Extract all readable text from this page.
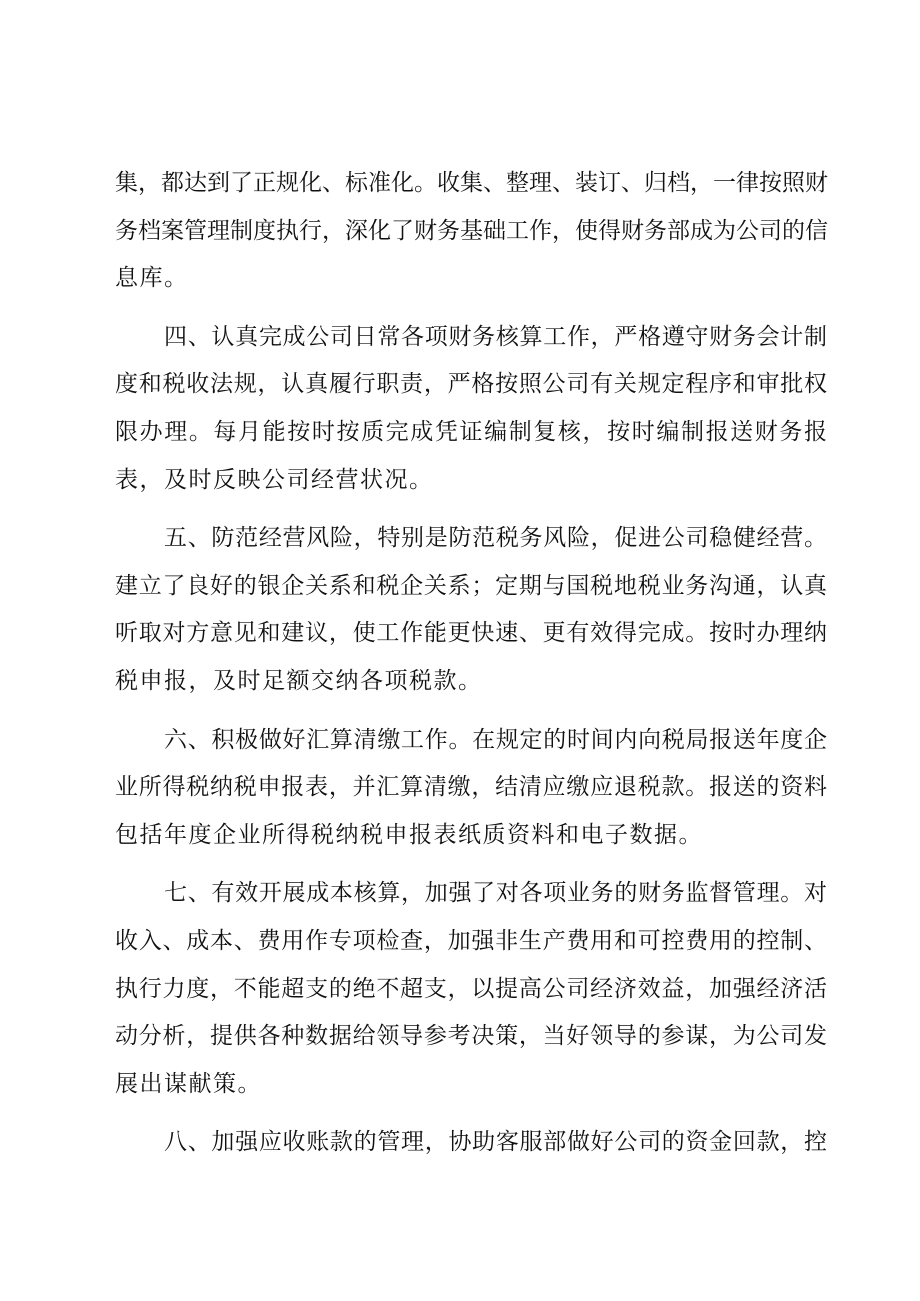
集，都达到了正规化、标准化。收集、整理、装订、归档，一律按照财
务档案管理制度执行，深化了财务基础工作，使得财务部成为公司的信
息库。
四、认真完成公司日常各项财务核算工作，严格遵守财务会计制
度和税收法规，认真履行职责，严格按照公司有关规定程序和审批权
限办理。每月能按时按质完成凭证编制复核，按时编制报送财务报
表，及时反映公司经营状况。
五、防范经营风险，特别是防范税务风险，促进公司稳健经营。
建立了良好的银企关系和税企关系；定期与国税地税业务沟通，认真
听取对方意见和建议，使工作能更快速、更有效得完成。按时办理纳
税申报，及时足额交纳各项税款。
六、积极做好汇算清缴工作。在规定的时间内向税局报送年度企
业所得税纳税申报表，并汇算清缴，结清应缴应退税款。报送的资料
包括年度企业所得税纳税申报表纸质资料和电子数据。
七、有效开展成本核算，加强了对各项业务的财务监督管理。对
收入、成本、费用作专项检查，加强非生产费用和可控费用的控制、
执行力度，不能超支的绝不超支，以提高公司经济效益，加强经济活
动分析，提供各种数据给领导参考决策，当好领导的参谋，为公司发
展出谋献策。
八、加强应收账款的管理，协助客服部做好公司的资金回款，控
